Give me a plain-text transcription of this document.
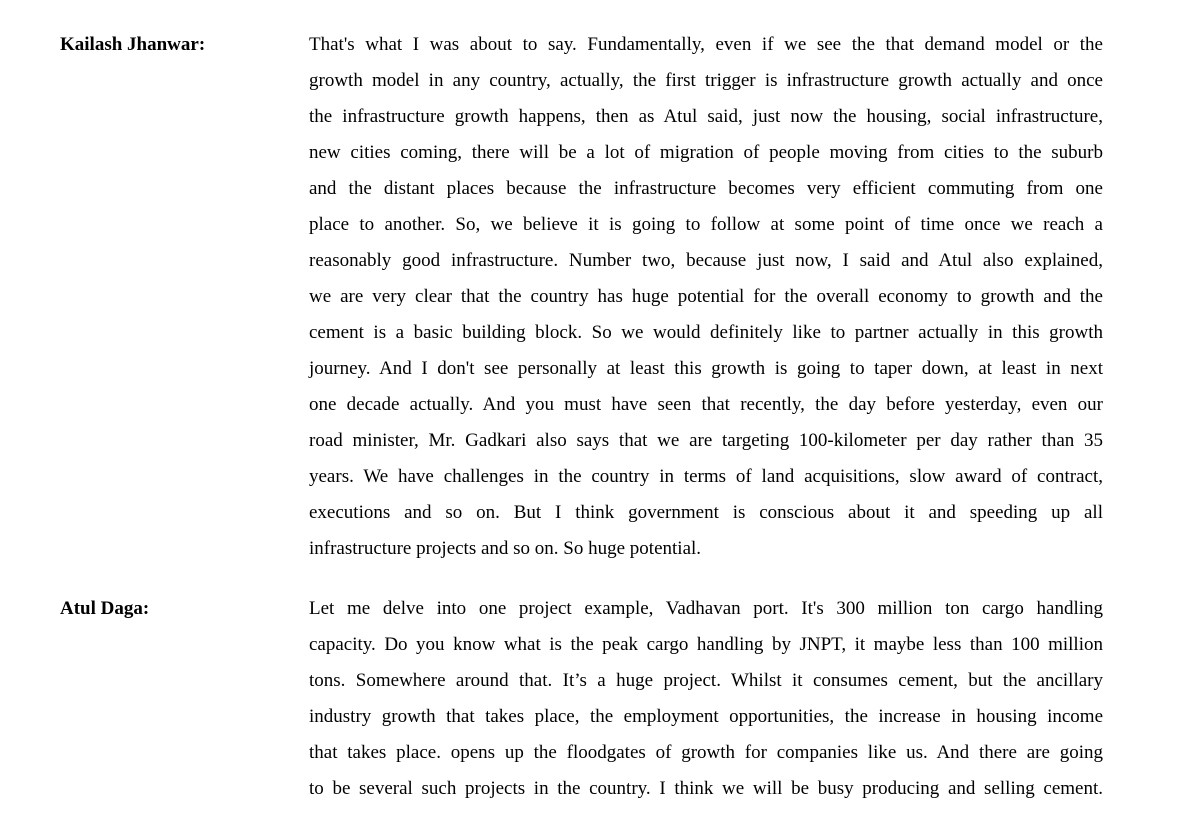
Kailash Jhanwar:	That's what I was about to say. Fundamentally, even if we see the that demand model or the
growth model in any country, actually, the first trigger is infrastructure growth actually and once
the infrastructure growth happens, then as Atul said, just now the housing, social infrastructure,
new cities coming, there will be a lot of migration of people moving from cities to the suburb
and the distant places because the infrastructure becomes very efficient commuting from one
place to another. So, we believe it is going to follow at some point of time once we reach a
reasonably good infrastructure. Number two, because just now, I said and Atul also explained,
we are very clear that the country has huge potential for the overall economy to growth and the
cement is a basic building block. So we would definitely like to partner actually in this growth
journey. And I don't see personally at least this growth is going to taper down, at least in next
one decade actually. And you must have seen that recently, the day before yesterday, even our
road minister, Mr. Gadkari also says that we are targeting 100-kilometer per day rather than 35
years. We have challenges in the country in terms of land acquisitions, slow award of contract,
executions and so on. But I think government is conscious about it and speeding up all
infrastructure projects and so on. So huge potential.

Atul Daga:	Let me delve into one project example, Vadhavan port. It's 300 million ton cargo handling
capacity. Do you know what is the peak cargo handling by JNPT, it maybe less than 100 million
tons. Somewhere around that. It’s a huge project. Whilst it consumes cement, but the ancillary
industry growth that takes place, the employment opportunities, the increase in housing income
that takes place. opens up the floodgates of growth for companies like us. And there are going
to be several such projects in the country. I think we will be busy producing and selling cement.
